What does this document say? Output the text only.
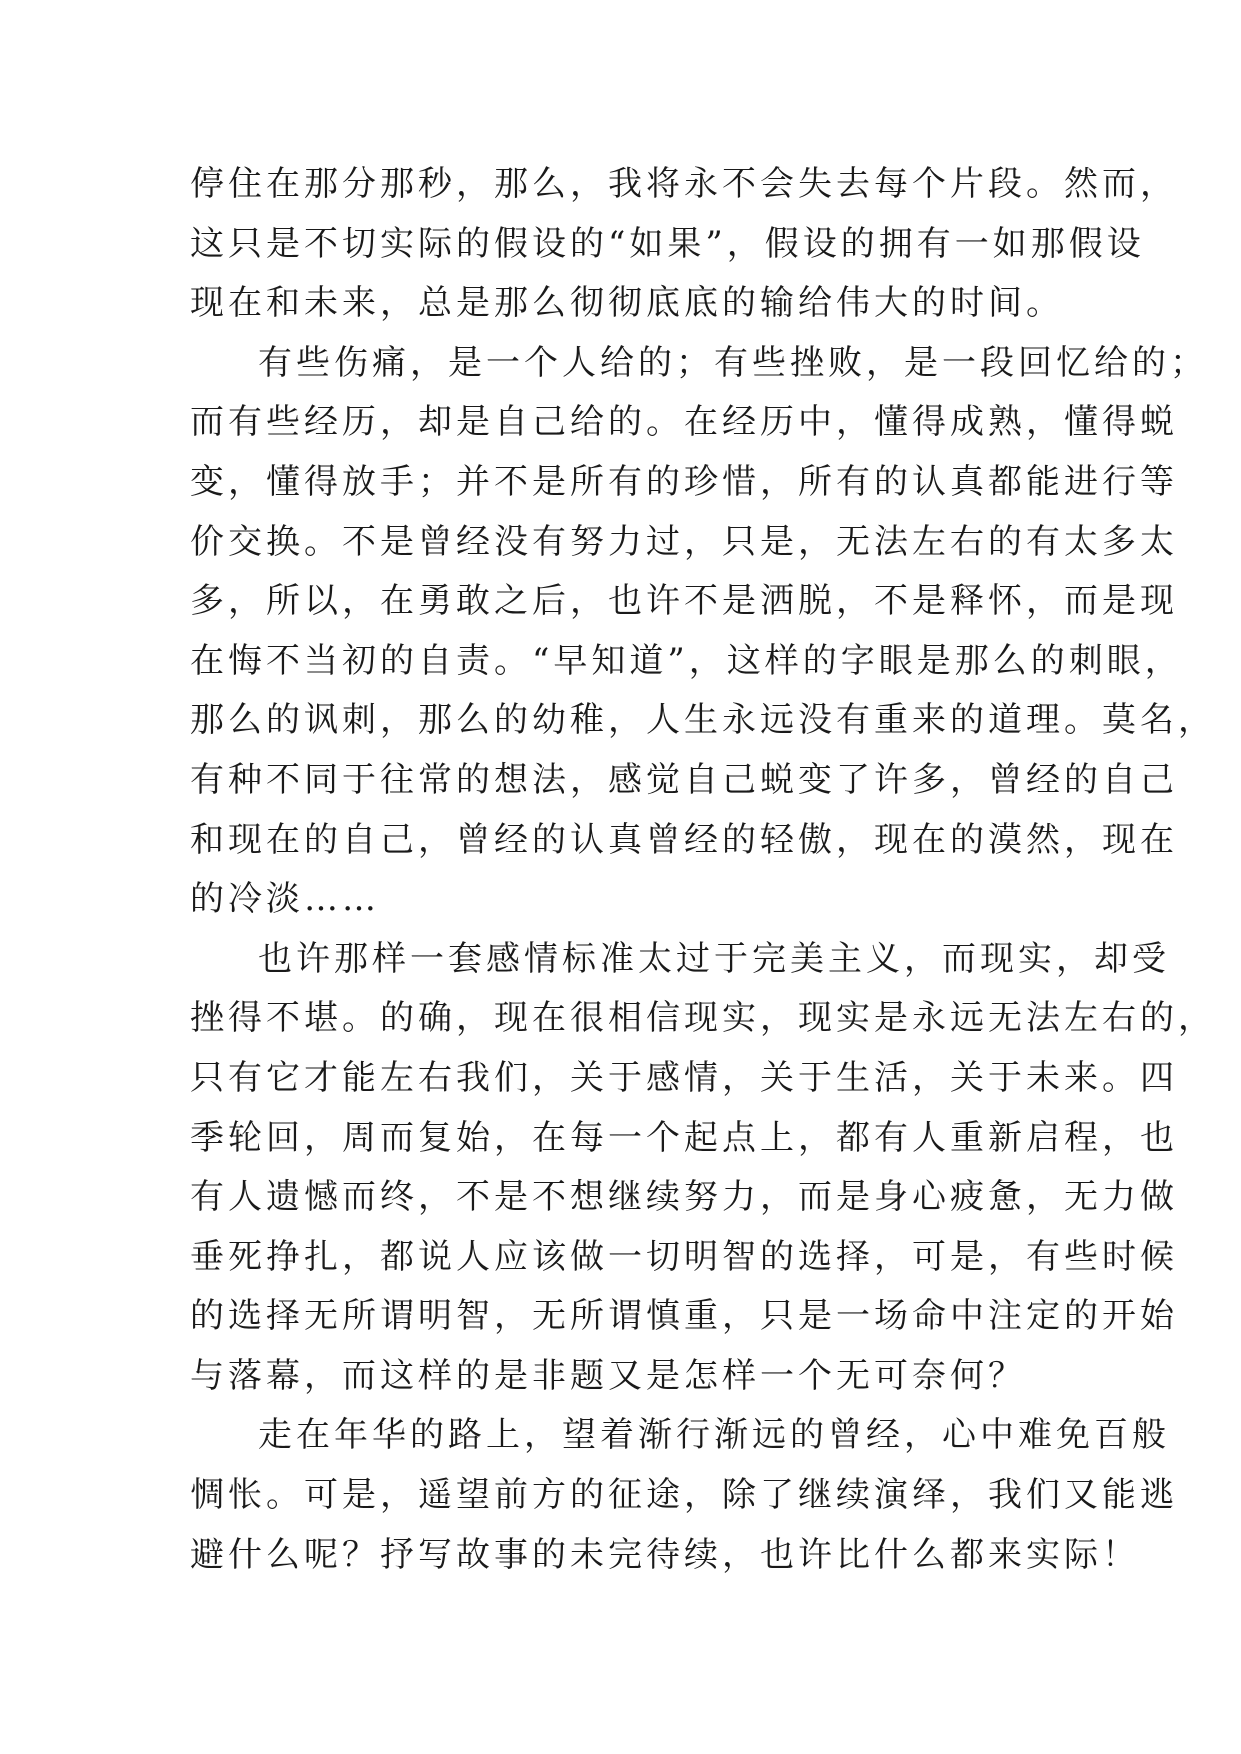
停住在那分那秒，那么，我将永不会失去每个片段。然而，
这只是不切实际的假设的“如果”，假设的拥有一如那假设
现在和未来，总是那么彻彻底底的输给伟大的时间。
有些伤痛，是一个人给的；有些挫败，是一段回忆给的；
而有些经历，却是自己给的。在经历中，懂得成熟，懂得蜕
变，懂得放手；并不是所有的珍惜，所有的认真都能进行等
价交换。不是曾经没有努力过，只是，无法左右的有太多太
多，所以，在勇敢之后，也许不是洒脱，不是释怀，而是现
在悔不当初的自责。“早知道”，这样的字眼是那么的刺眼，
那么的讽刺，那么的幼稚，人生永远没有重来的道理。莫名，
有种不同于往常的想法，感觉自己蜕变了许多，曾经的自己
和现在的自己，曾经的认真曾经的轻傲，现在的漠然，现在
的冷淡……
也许那样一套感情标准太过于完美主义，而现实，却受
挫得不堪。的确，现在很相信现实，现实是永远无法左右的，
只有它才能左右我们，关于感情，关于生活，关于未来。四
季轮回，周而复始，在每一个起点上，都有人重新启程，也
有人遗憾而终，不是不想继续努力，而是身心疲惫，无力做
垂死挣扎，都说人应该做一切明智的选择，可是，有些时候
的选择无所谓明智，无所谓慎重，只是一场命中注定的开始
与落幕，而这样的是非题又是怎样一个无可奈何？
走在年华的路上，望着渐行渐远的曾经，心中难免百般
惆怅。可是，遥望前方的征途，除了继续演绎，我们又能逃
避什么呢？抒写故事的未完待续，也许比什么都来实际！
